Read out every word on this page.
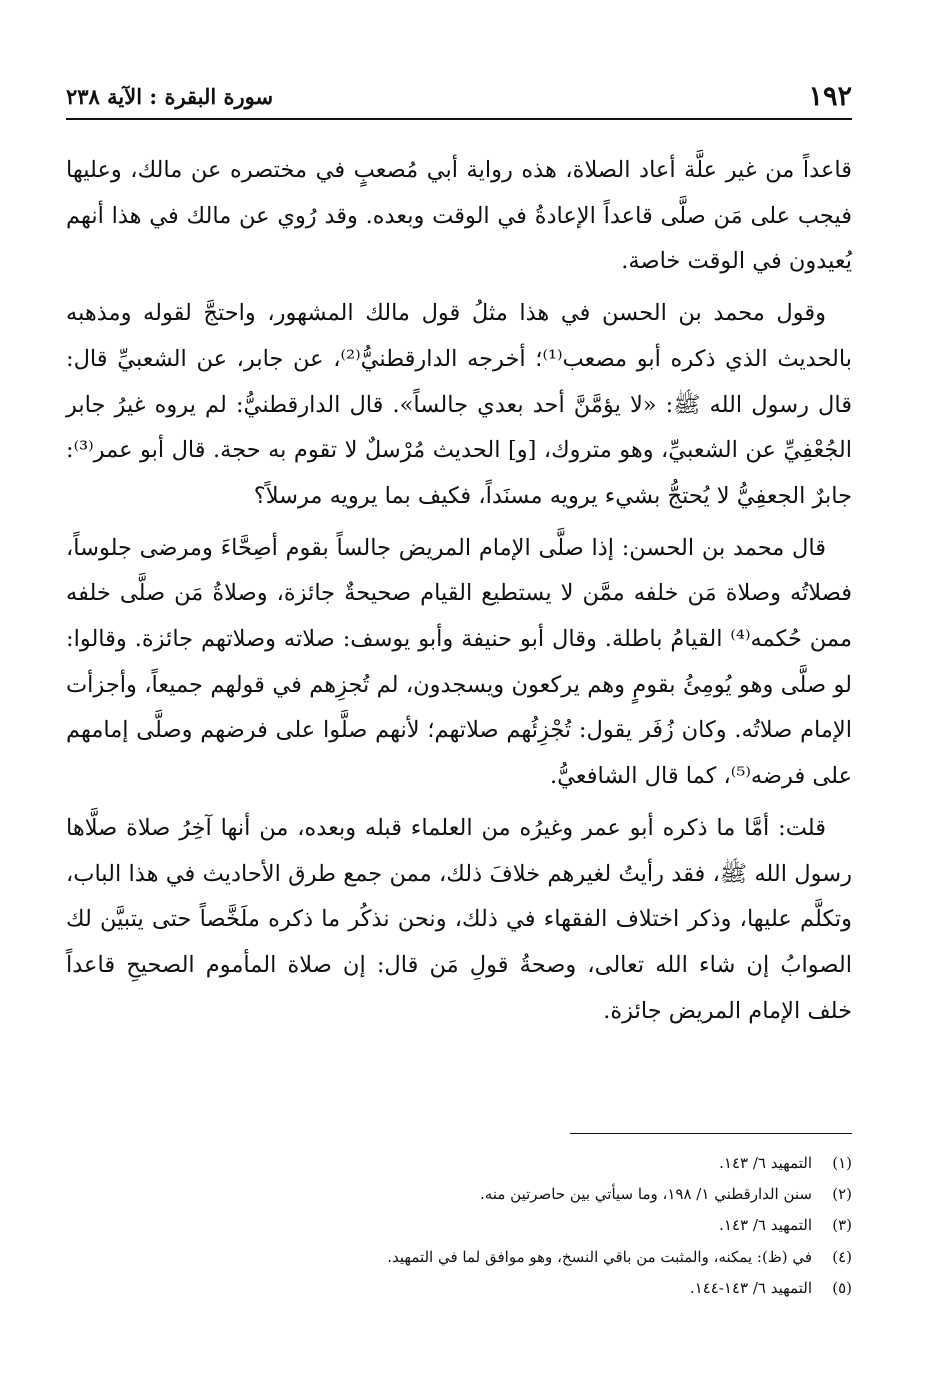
١٩٢
سورة البقرة : الآية ٢٣٨

قاعداً من غير علَّة أعاد الصلاة، هذه رواية أبي مُصعبٍ في مختصره عن مالك، وعليها فيجب على مَن صلَّى قاعداً الإعادةُ في الوقت وبعده. وقد رُوي عن مالك في هذا أنهم يُعيدون في الوقت خاصة.

وقول محمد بن الحسن في هذا مثلُ قول مالك المشهور، واحتجَّ لقوله ومذهبه بالحديث الذي ذكره أبو مصعب⁽¹⁾؛ أخرجه الدارقطنيُّ⁽²⁾، عن جابر، عن الشعبيِّ قال: قال رسول الله ﷺ: «لا يؤمَّنَّ أحد بعدي جالساً». قال الدارقطنيُّ: لم يروه غيرُ جابر الجُعْفِيِّ عن الشعبيِّ، وهو متروك، [و] الحديث مُرْسلٌ لا تقوم به حجة. قال أبو عمر⁽³⁾: جابرٌ الجعفِيُّ لا يُحتجُّ بشيء يرويه مسنَداً، فكيف بما يرويه مرسلاً؟

قال محمد بن الحسن: إذا صلَّى الإمام المريض جالساً بقوم أصِحَّاءَ ومرضى جلوساً، فصلاتُه وصلاة مَن خلفه ممَّن لا يستطيع القيام صحيحةٌ جائزة، وصلاةُ مَن صلَّى خلفه ممن حُكمه⁽⁴⁾ القيامُ باطلة. وقال أبو حنيفة وأبو يوسف: صلاته وصلاتهم جائزة. وقالوا: لو صلَّى وهو يُومِئُ بقومٍ وهم يركعون ويسجدون، لم تُجزِهم في قولهم جميعاً، وأجزأت الإمام صلاتُه. وكان زُفَر يقول: تُجْزِئُهم صلاتهم؛ لأنهم صلَّوا على فرضهم وصلَّى إمامهم على فرضه⁽⁵⁾، كما قال الشافعيُّ.

قلت: أمَّا ما ذكره أبو عمر وغيرُه من العلماء قبله وبعده، من أنها آخِرُ صلاة صلَّاها رسول الله ﷺ، فقد رأيتُ لغيرهم خلافَ ذلك، ممن جمع طرق الأحاديث في هذا الباب، وتكلَّم عليها، وذكر اختلاف الفقهاء في ذلك، ونحن نذكُر ما ذكره ملَخَّصاً حتى يتبيَّن لك الصوابُ إن شاء الله تعالى، وصحةُ قولِ مَن قال: إن صلاة المأموم الصحيحِ قاعداً خلف الإمام المريض جائزة.

(١)
التمهيد ٦/ ١٤٣.
(٢)
سنن الدارقطني ١/ ١٩٨، وما سيأتي بين حاصرتين منه.
(٣)
التمهيد ٦/ ١٤٣.
(٤)
في (ظ): يمكنه، والمثبت من باقي النسخ، وهو موافق لما في التمهيد.
(٥)
التمهيد ٦/ ١٤٣-١٤٤.
